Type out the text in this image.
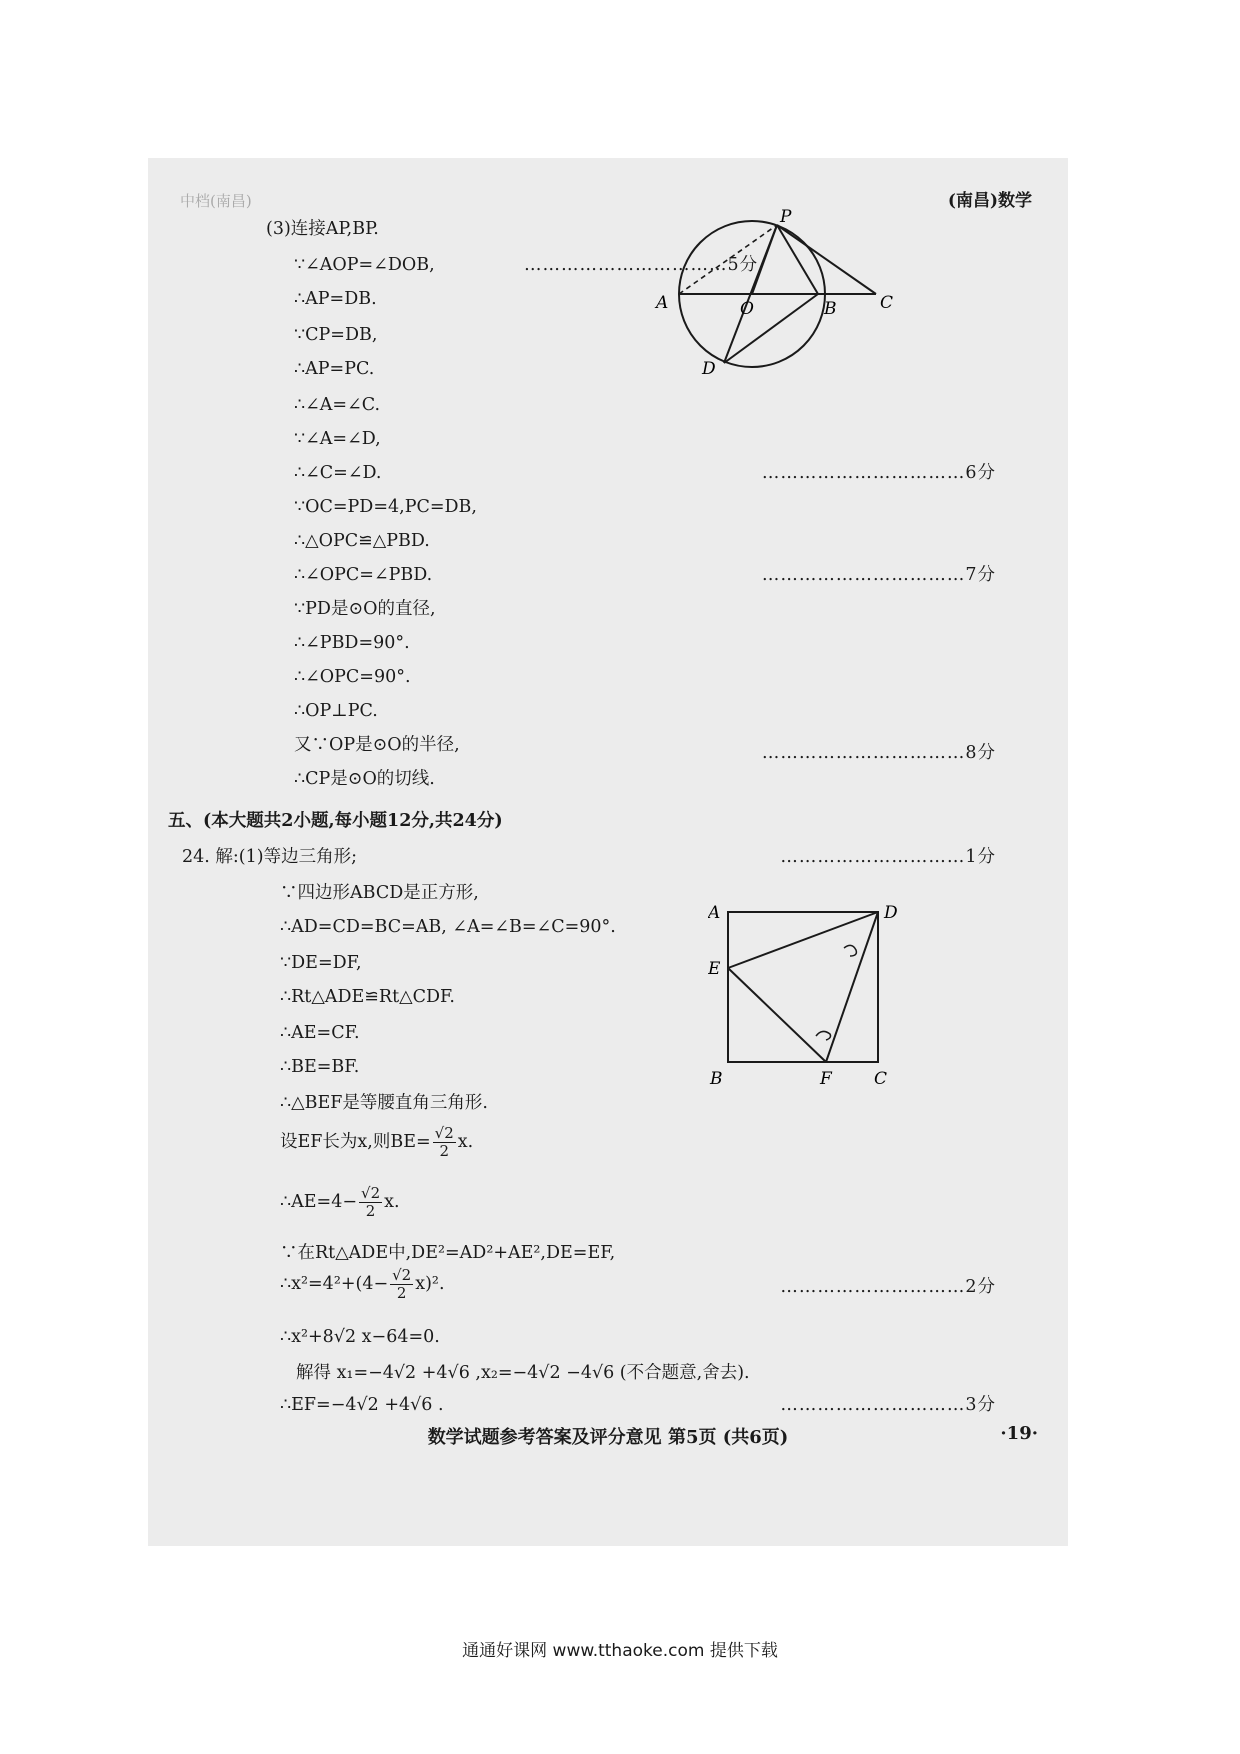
中档(南昌)	(南昌)数学
(3)连接AP,BP.
∵∠AOP=∠DOB,
∴AP=DB.
∵CP=DB,
∴AP=PC.
∴∠A=∠C.
∵∠A=∠D,
∴∠C=∠D.
∵OC=PD=4,PC=DB,
∴△OPC≌△PBD.
∴∠OPC=∠PBD.
∵PD是⊙O的直径,
∴∠PBD=90°.
∴∠OPC=90°.
∴OP⊥PC.
又∵OP是⊙O的半径,
∴CP是⊙O的切线.
……………………………5分
……………………………6分
……………………………7分
……………………………8分
P
A	O	B	C
D
五、(本大题共2小题,每小题12分,共24分)
24. 解:(1)等边三角形;	…………………………1分
∵四边形ABCD是正方形,
∴AD=CD=BC=AB, ∠A=∠B=∠C=90°.
∵DE=DF,
∴Rt△ADE≌Rt△CDF.
∴AE=CF.
∴BE=BF.
∴△BEF是等腰直角三角形.
设EF长为x,则$BE= \frac{√2}{2} x$.
∴AE=4− $\frac{√2}{2} x$.
∵在Rt△ADE中,DE²=AD²+AE²,DE=EF,
∴x²=4²+(4− $\frac{√2}{2} x)^2$.	…………………………2分
∴x²+8√2 x−64=0.
解得 x₁=−4√2 +4√6 ,x₂=−4√2 −4√6 (不合题意,舍去).
∴EF=−4√2 +4√6 .	…………………………3分
A	D
E
B	F C
数学试题参考答案及评分意见 第5页 (共6页)	·19·
通通好课网 www.tthaoke.com 提供下载
